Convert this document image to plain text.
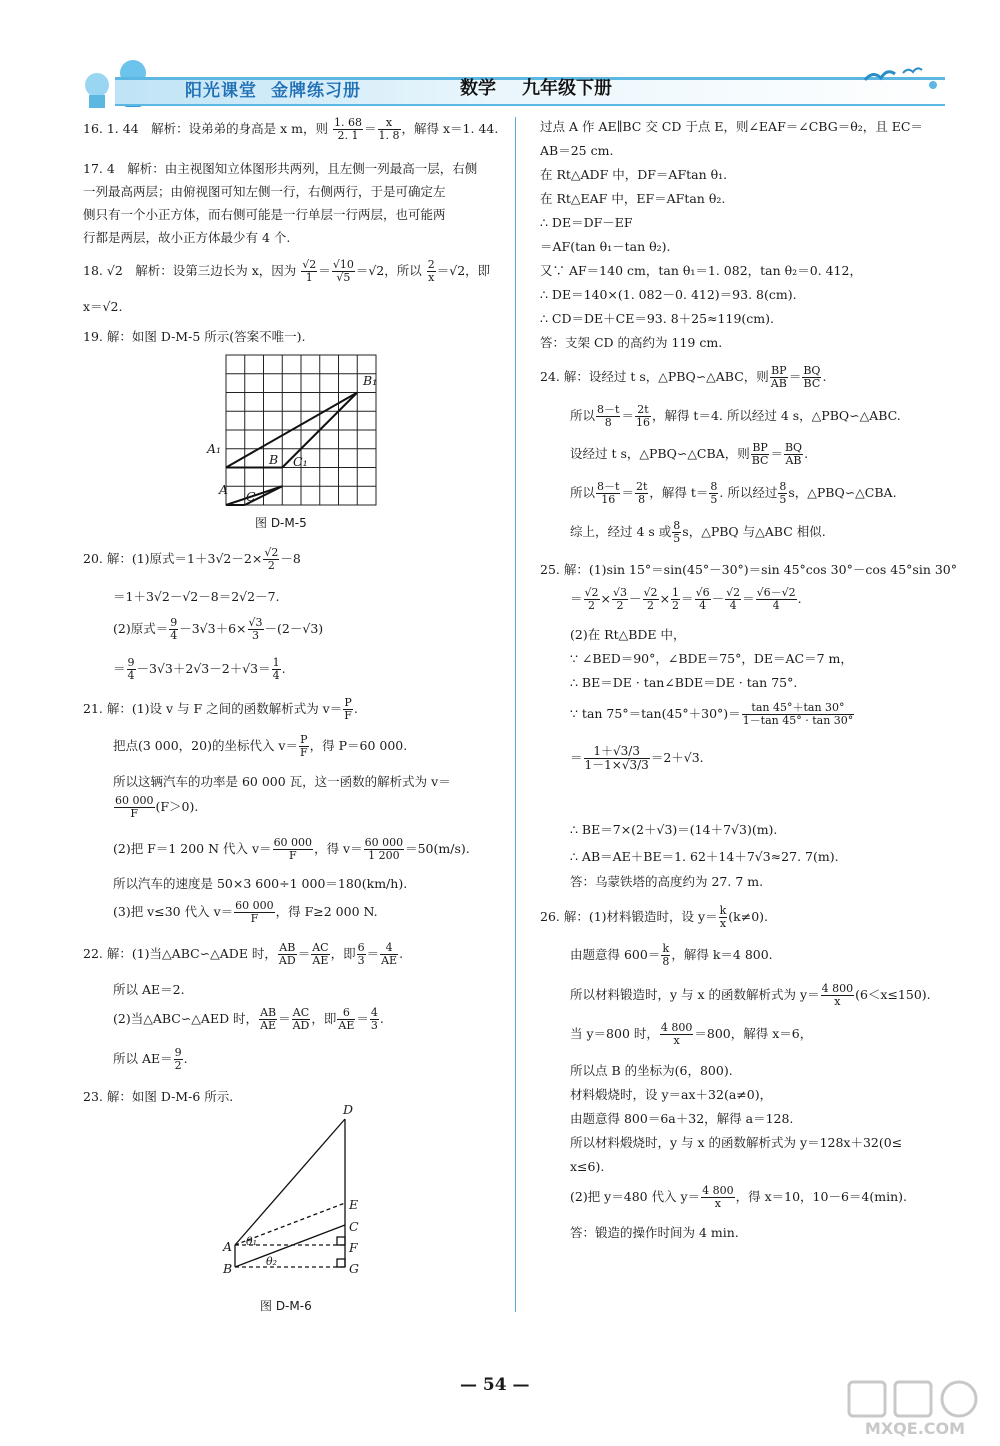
阳光课堂 金牌练习册	数学 九年级下册
16. 1. 44　解析：设弟弟的身高是 x m，则 $\frac{1. 68}{2. 1} = \frac{x}{1. 8}$ ，解得 x＝1. 44.
17. 4　解析：由主视图知立体图形共两列，且左侧一列最高一层，右侧
一列最高两层；由俯视图可知左侧一行，右侧两行，于是可确定左
侧只有一个小正方体，而右侧可能是一行单层一行两层，也可能两
行都是两层，故小正方体最少有 4 个.
18. √2　解析：设第三边长为 x，因为 $\frac{√2}{1} = \frac{√10}{√5} =√2$，所以 $\frac{2}{x} =√2$，即
x＝√2.
19. 解：如图 D-M-5 所示(答案不唯一).
A C
B
A₁
C₁
B₁
图 D-M-5
20. 解：(1)原式$=1+3√2-2\times \frac{√2}{2} -8$
＝1＋3√2－√2－8＝2√2－7.
(2)原式＝ $\frac{9}{4} -3√3+6\times \frac{√3}{3} -(2-√3)$
＝ $\frac{9}{4} -3√3+2√3-2+√3= \frac{1}{4}$ .
21. 解：(1)设 v 与 F 之间的函数解析式为 $v= \frac{P}{F}$ .
把点(3 000，20)的坐标代入 $v= \frac{P}{F}$ ，得 P＝60 000.
所以这辆汽车的功率是 60 000 瓦，这一函数的解析式为 v＝
$\frac{60 000}{F} (F>0)$.
(2)把 F＝1 200 N 代入 $v= \frac{60 000}{F}$ ，得 $v= \frac{60 000}{1 200} =50(m/s)$.
所以汽车的速度是 50×3 600÷1 000＝180(km/h).
(3)把 v≤30 代入 $v= \frac{60 000}{F}$ ，得 F≥2 000 N.
22. 解：(1)当△ABC∽△ADE 时， $\frac{AB}{AD} = \frac{AC}{AE}$ ，即 $\frac{6}{3} = \frac{4}{AE}$ .
所以 AE＝2.
(2)当△ABC∽△AED 时， $\frac{AB}{AE} = \frac{AC}{AD}$ ，即 $\frac{6}{AE} = \frac{4}{3}$ .
所以 $AE= \frac{9}{2}$ .
23. 解：如图 D-M-6 所示.
D
E
C
F
G
A
B
θ₁
θ₂
图 D-M-6
过点 A 作 AE∥BC 交 CD 于点 E，则∠EAF＝∠CBG＝θ₂，且 EC＝
AB＝25 cm.
在 Rt△ADF 中，DF＝AFtan θ₁.
在 Rt△EAF 中，EF＝AFtan θ₂.
∴ DE＝DF－EF
＝AF(tan θ₁－tan θ₂).
又∵ AF＝140 cm，tan θ₁＝1. 082，tan θ₂＝0. 412，
∴ DE＝140×(1. 082－0. 412)＝93. 8(cm).
∴ CD＝DE＋CE＝93. 8＋25≈119(cm).
答：支架 CD 的高约为 119 cm.
24. 解：设经过 t s，△PBQ∽△ABC，则 $\frac{BP}{AB} = \frac{BQ}{BC}$ .
所以 $\frac{8-t}{8} = \frac{2t}{16}$ ，解得 t＝4. 所以经过 4 s，△PBQ∽△ABC.
设经过 t s，△PBQ∽△CBA，则 $\frac{BP}{BC} = \frac{BQ}{AB}$ .
所以 $\frac{8-t}{16} = \frac{2t}{8}$ ，解得 $t= \frac{8}{5}$ . 所以经过 $\frac{8}{5}$ s，△PBQ∽△CBA.
综上，经过 4 s 或 $\frac{8}{5}$ s，△PBQ 与△ABC 相似.
25. 解：(1)sin 15°＝sin(45°－30°)＝sin 45°cos 30°－cos 45°sin 30°
＝ $\frac{√2}{2} \times \frac{√3}{2} - \frac{√2}{2} \times \frac{1}{2} = \frac{√6}{4} - \frac{√2}{4} = \frac{√6-√2}{4}$ .
(2)在 Rt△BDE 中，
∵ ∠BED＝90°，∠BDE＝75°，DE＝AC＝7 m，
∴ BE＝DE · tan∠BDE＝DE · tan 75°.
∵ $\tan 75^\circ=\tan(45^\circ+30^\circ)= \frac{\tan 45^\circ+\tan 30^\circ}{1-\tan 45^\circ \cdot \tan 30^\circ}$
＝ $\frac{1+√3/3}{1-1\times√3/3} =2+√3$.
∴ BE＝7×(2＋√3)＝(14＋7√3)(m).
∴ AB＝AE＋BE＝1. 62＋14＋7√3≈27. 7(m).
答：乌蒙铁塔的高度约为 27. 7 m.
26. 解：(1)材料锻造时，设 $y= \frac{k}{x} (k\ne 0)$.
由题意得 $600= \frac{k}{8}$ ，解得 k＝4 800.
所以材料锻造时，y 与 x 的函数解析式为 $y= \frac{4 800}{x} (6<x\le 150)$.
当 y＝800 时， $\frac{4 800}{x} =800$，解得 x＝6，
所以点 B 的坐标为(6，800).
材料煅烧时，设 y＝ax＋32(a≠0)，
由题意得 800＝6a＋32，解得 a＝128.
所以材料煅烧时，y 与 x 的函数解析式为 y＝128x＋32(0≤
x≤6).
(2)把 y＝480 代入 $y= \frac{4 800}{x}$ ，得 x＝10，10－6＝4(min).
答：锻造的操作时间为 4 min.
— 54 —
MXQE.COM
